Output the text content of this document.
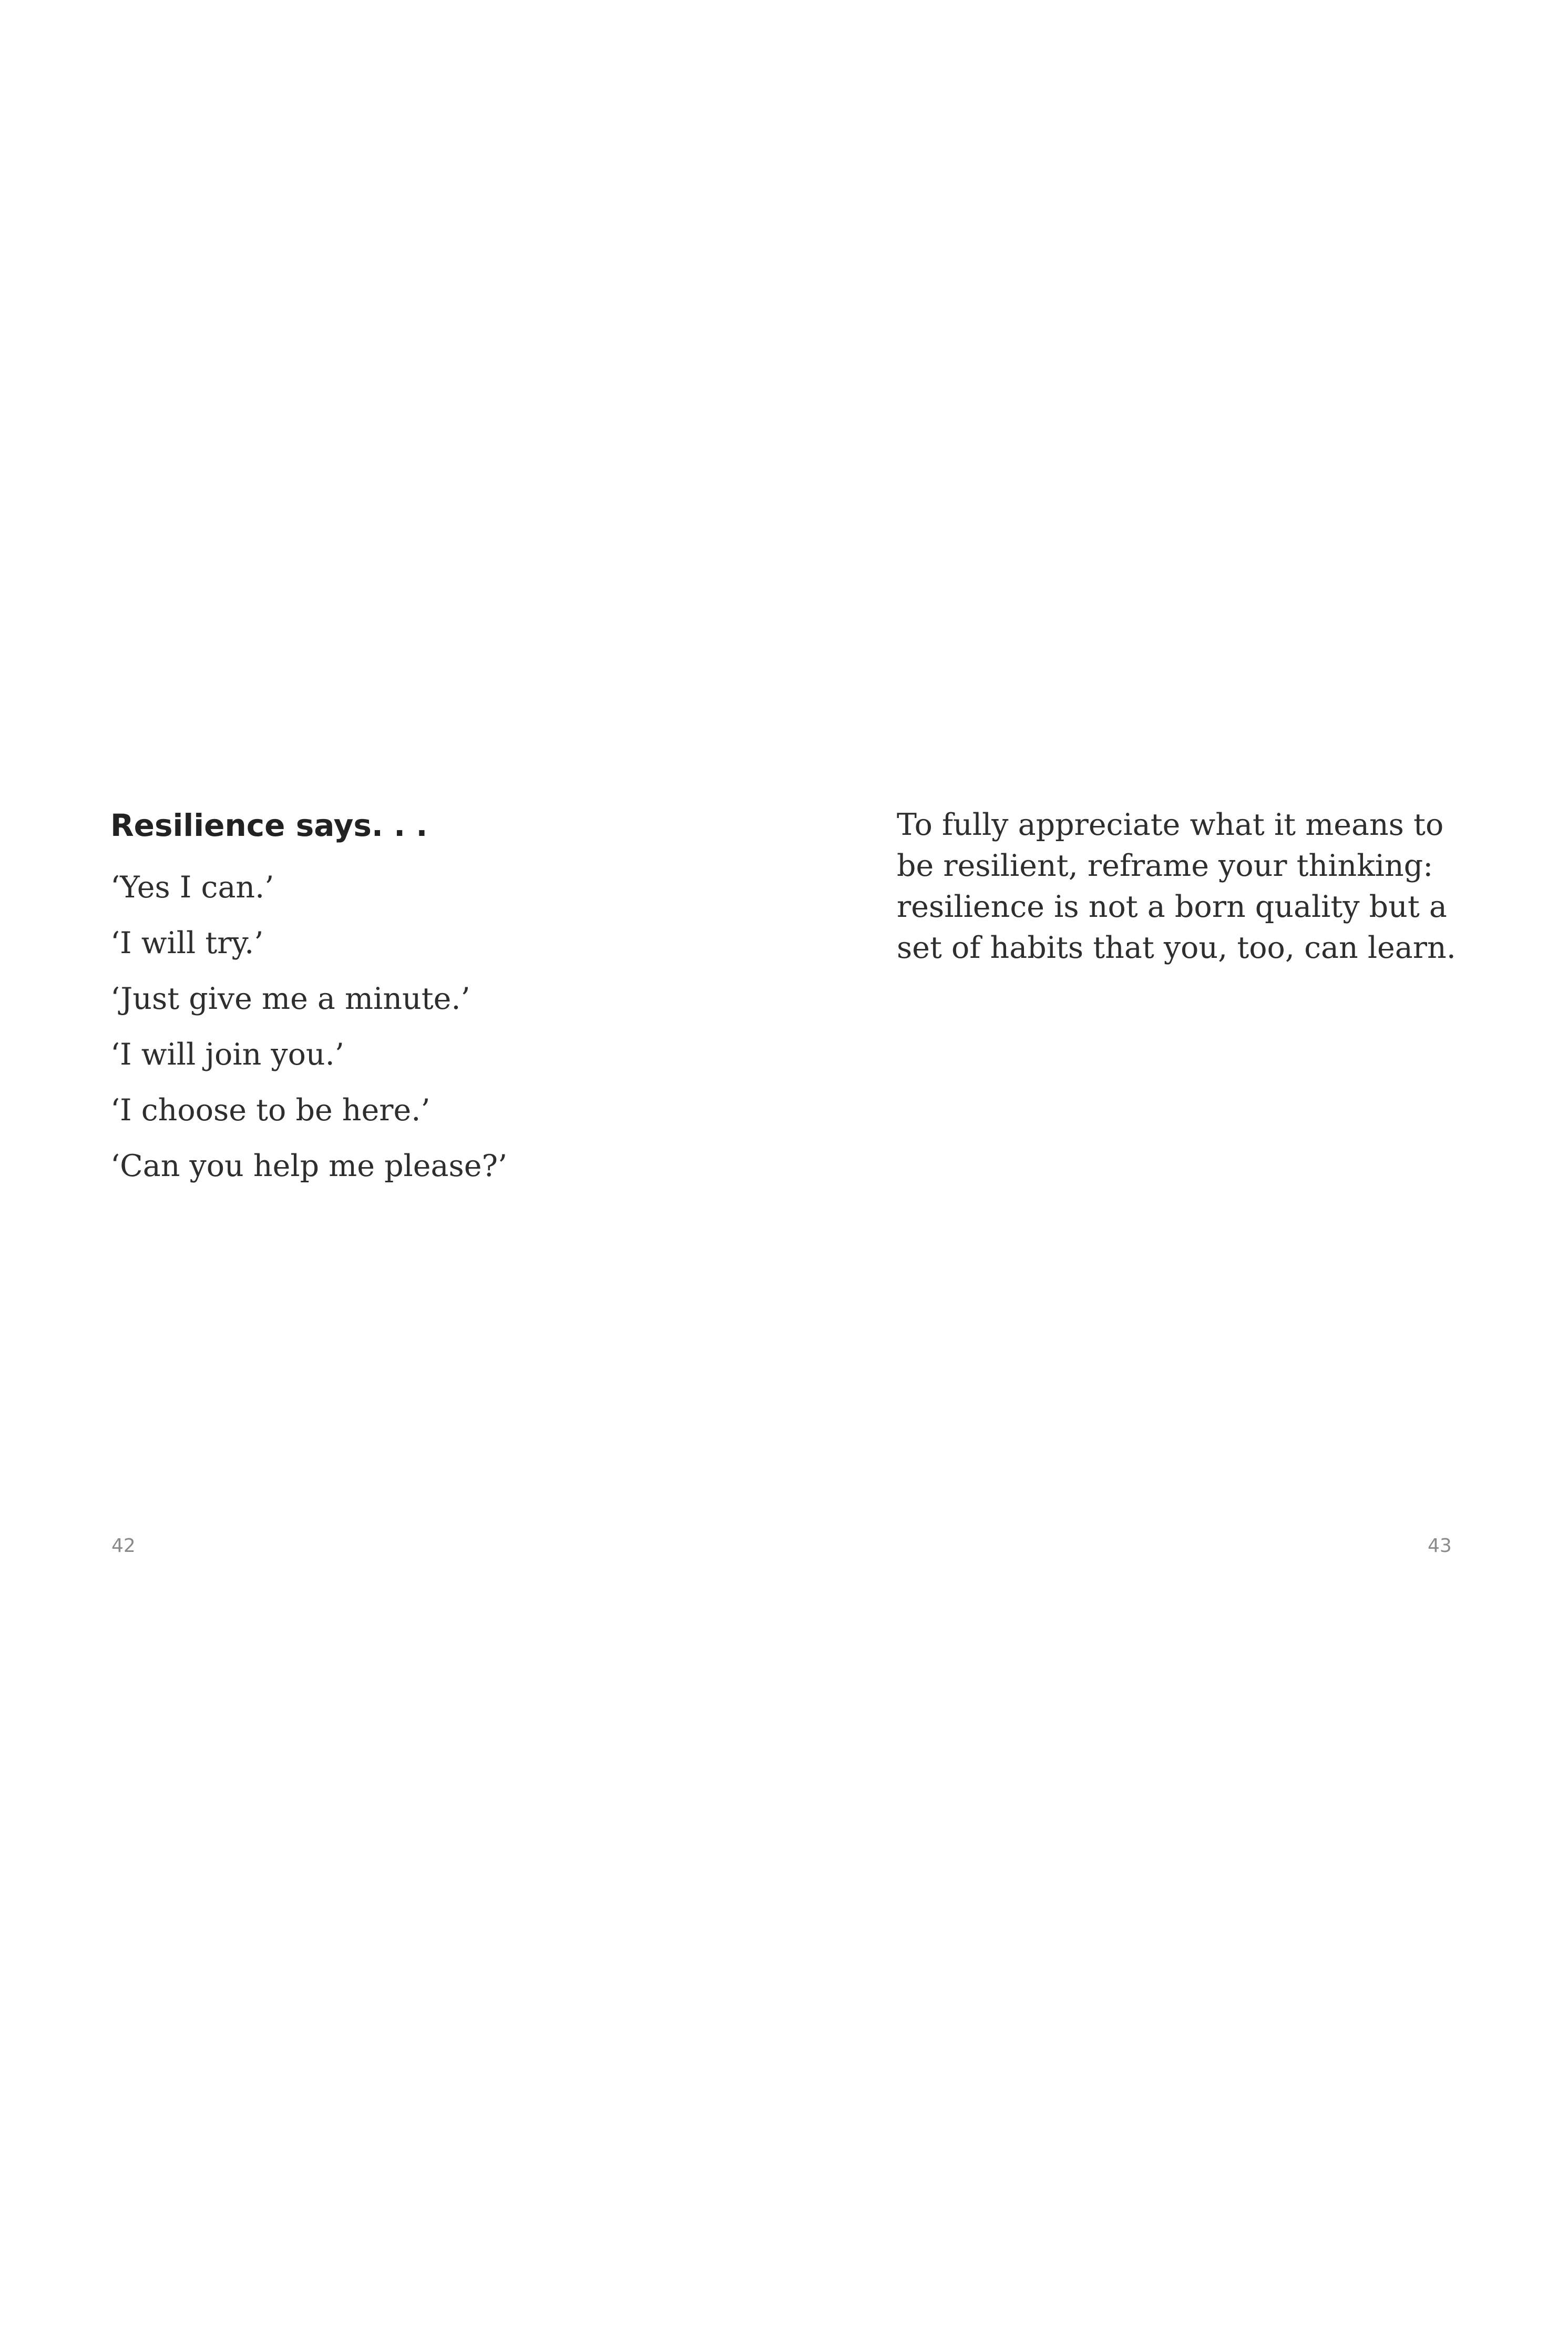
Resilience says. . .
‘Yes I can.’
‘I will try.’
‘Just give me a minute.’
‘I will join you.’
‘I choose to be here.’
‘Can you help me please?’
42

To fully appreciate what it means to be resilient, reframe your thinking: resilience is not a born quality but a set of habits that you, too, can learn.

43
